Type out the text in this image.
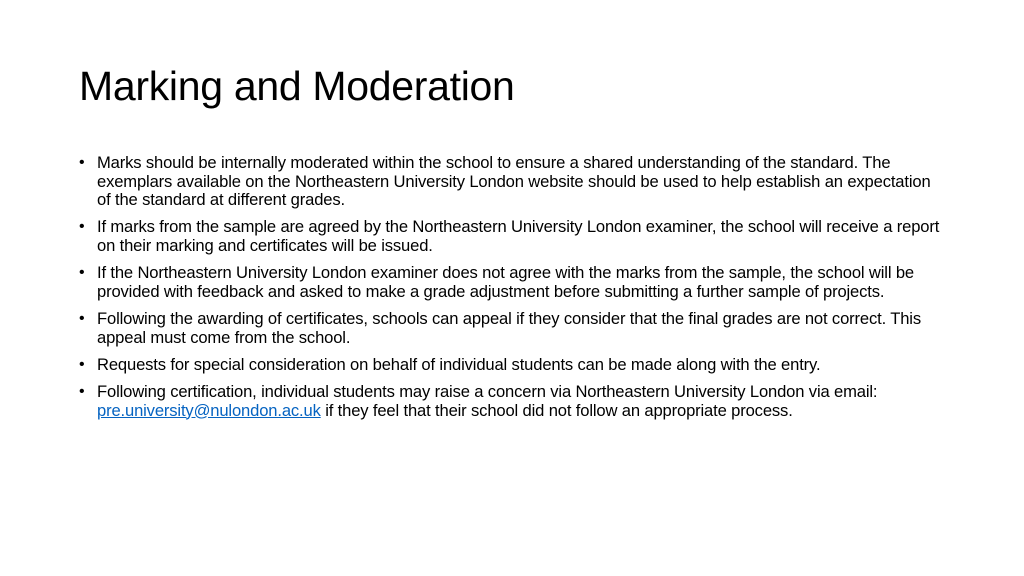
Marking and Moderation
• Marks should be internally moderated within the school to ensure a shared understanding of the standard. The exemplars available on the Northeastern University London website should be used to help establish an expectation of the standard at different grades.
• If marks from the sample are agreed by the Northeastern University London examiner, the school will receive a report on their marking and certificates will be issued.
• If the Northeastern University London examiner does not agree with the marks from the sample, the school will be provided with feedback and asked to make a grade adjustment before submitting a further sample of projects.
• Following the awarding of certificates, schools can appeal if they consider that the final grades are not correct. This appeal must come from the school.
• Requests for special consideration on behalf of individual students can be made along with the entry.
• Following certification, individual students may raise a concern via Northeastern University London via email: pre.university@nulondon.ac.uk if they feel that their school did not follow an appropriate process.
